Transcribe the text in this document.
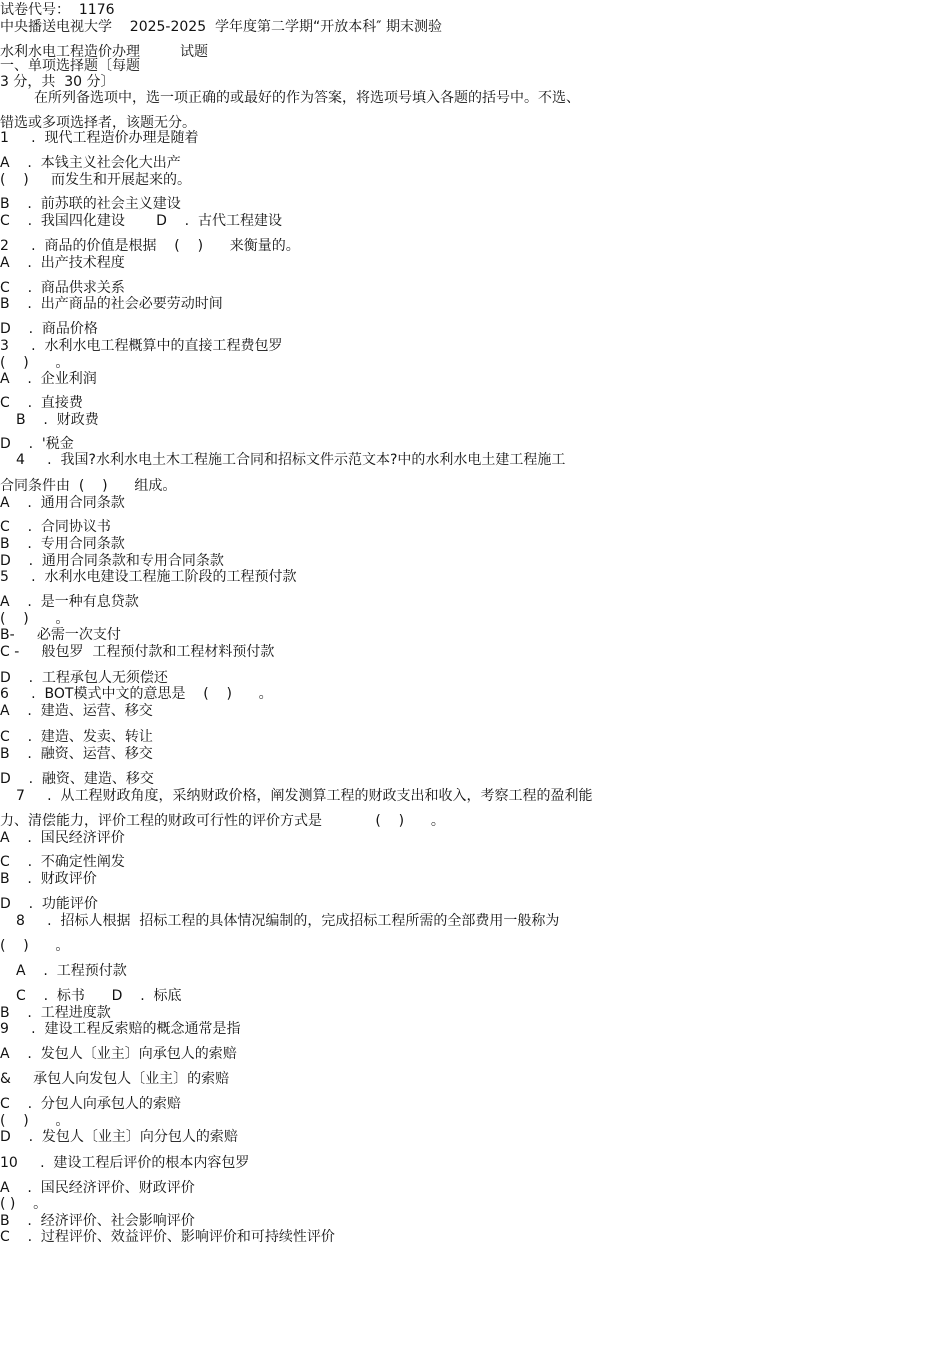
试卷代号：  1176
中央播送电视大学    2025-2025  学年度第二学期“开放本科″ 期末测验
水利水电工程造价办理         试题
一、单项选择题〔每题
3 分，共  30 分〕
在所列备选项中，选一项正确的或最好的作为答案，将选项号填入各题的括号中。不选、
错选或多项选择者，该题无分。
1     .  现代工程造价办理是随着
A    .  本钱主义社会化大出产
(    )     而发生和开展起来的。
B    .  前苏联的社会主义建设
C    .  我国四化建设       D    .  古代工程建设
2     .  商品的价值是根据    (    )      来衡量的。
A    .  出产技术程度
C    .  商品供求关系
B    .  出产商品的社会必要劳动时间
D    .  商品价格
3     .  水利水电工程概算中的直接工程费包罗
(    )      。
A    .  企业利润
C    .  直接费
B    .  财政费
D    .  '税金
4     .  我国?水利水电土木工程施工合同和招标文件示范文本?中的水利水电土建工程施工
合同条件由  (    )      组成。
A    .  通用合同条款
C    .  合同协议书
B    .  专用合同条款
D    .  通用合同条款和专用合同条款
5     .  水利水电建设工程施工阶段的工程预付款
A    .  是一种有息贷款
(    )      。
B-     必需一次支付
C -     般包罗  工程预付款和工程材料预付款
D    .  工程承包人无须偿还
6     .  BOT模式中文的意思是    (    )      。
A    .  建造、运营、移交
C    .  建造、发卖、转让
B    .  融资、运营、移交
D    .  融资、建造、移交
7     .  从工程财政角度，采纳财政价格，阐发测算工程的财政支出和收入，考察工程的盈利能
力、清偿能力，评价工程的财政可行性的评价方式是            (    )      。
A    .  国民经济评价
C    .  不确定性阐发
B    .  财政评价
D    .  功能评价
8     .  招标人根据  招标工程的具体情况编制的，完成招标工程所需的全部费用一般称为
(    )      。
A    .  工程预付款
C    .  标书      D    .  标底
B    .  工程进度款
9     .  建设工程反索赔的概念通常是指
A    .  发包人〔业主〕向承包人的索赔
&     承包人向发包人〔业主〕的索赔
C    .  分包人向承包人的索赔
(    )      。
D    .  发包人〔业主〕向分包人的索赔
10     .  建设工程后评价的根本内容包罗
A    .  国民经济评价、财政评价
( )    。
B    .  经济评价、社会影响评价
C    .  过程评价、效益评价、影响评价和可持续性评价
